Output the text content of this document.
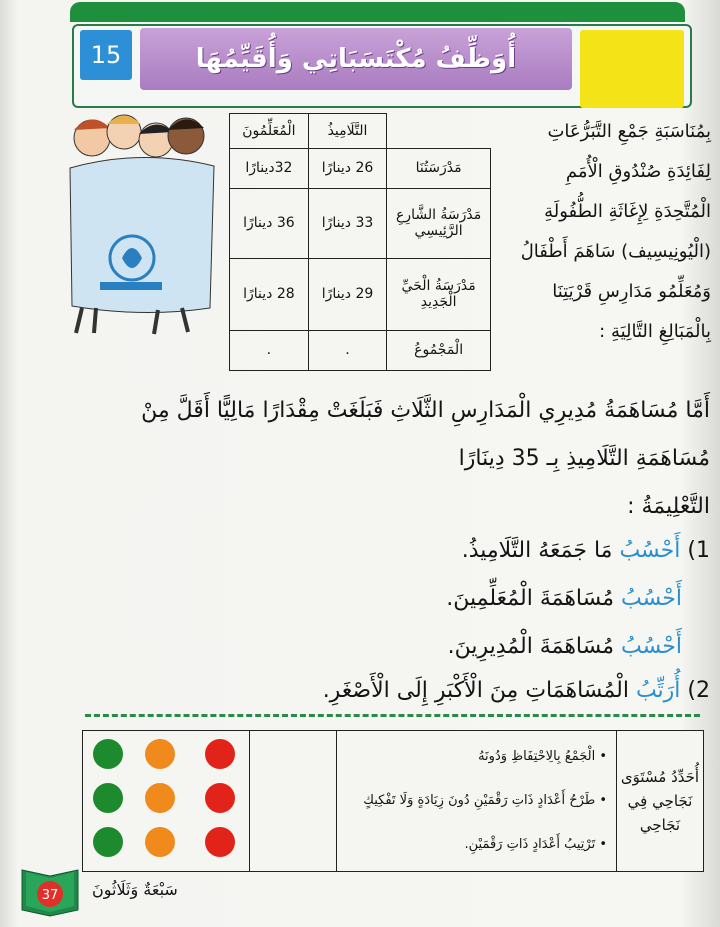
15	أُوَظِّفُ مُكْتَسَبَاتِي وَأُقَيِّمُهَا
	التَّلَامِيذُ	الْمُعَلِّمُونَ
مَدْرَسَتُنَا	26 دينارًا	32دينارًا
مَدْرَسَةُ الشَّارِعِ الرَّئِيسِي	33 دينارًا	36 دينارًا
مَدْرَسَةُ الْحَيِّ الْجَدِيدِ	29 دينارًا	28 دينارًا
الْمَجْمُوعُ	.	.
بِمُنَاسَبَةِ جَمْعِ التَّبَرُّعَاتِ
لِفَائِدَةِ صُنْدُوقِ الْأُمَمِ
الْمُتَّحِدَةِ لِإِغَاثَةِ الطُّفُولَةِ
(الْيُونِيسِيف) سَاهَمَ أَطْفَالُ
وَمُعَلِّمُو مَدَارِسِ قَرْيَتِنَا
بِالْمَبَالِغِ التَّالِيَةِ :
أَمَّا مُسَاهَمَةُ مُدِيرِي الْمَدَارِسِ الثَّلَاثِ فَبَلَغَتْ مِقْدَارًا مَالِيًّا أَقَلَّ مِنْ
مُسَاهَمَةِ التَّلَامِيذِ بِـ 35 دِينَارًا
التَّعْلِيمَةُ :
1) أَحْسُبُ مَا جَمَعَهُ التَّلَامِيذُ.
أَحْسُبُ مُسَاهَمَةَ الْمُعَلِّمِينَ.
أَحْسُبُ مُسَاهَمَةَ الْمُدِيرِينَ.
2) أُرَتِّبُ الْمُسَاهَمَاتِ مِنَ الْأَكْبَرِ إِلَى الْأَصْغَرِ.
أُحَدِّدُ مُسْتَوَى نَجَاحِي فِي نَجَاحِي
• الْجَمْعُ بِالِاحْتِفَاظِ وَدُونَهُ
• طَرْحُ أَعْدَادٍ ذَاتِ رَقْمَيْنِ دُونَ زِيَادَةٍ وَلَا تَفْكِيكٍ
• تَرْتِيبُ أَعْدَادٍ ذَاتِ رَقْمَيْنِ.
37 سَبْعَةٌ وَثَلَاثُونَ
